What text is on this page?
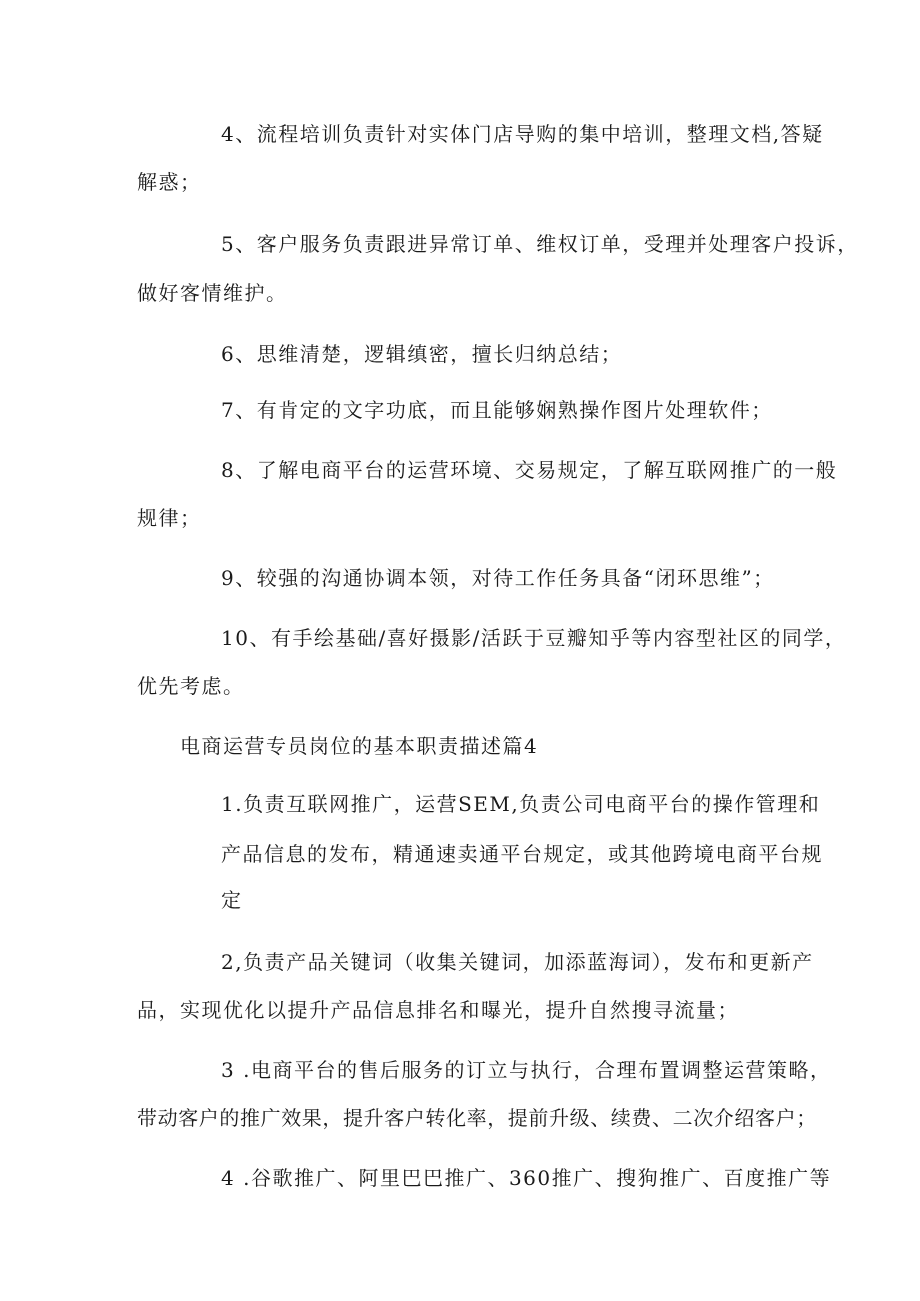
4、流程培训负责针对实体门店导购的集中培训，整理文档,答疑

解惑；

5、客户服务负责跟进异常订单、维权订单，受理并处理客户投诉，

做好客情维护。

6、思维清楚，逻辑缜密，擅长归纳总结；

7、有肯定的文字功底，而且能够娴熟操作图片处理软件；

8、了解电商平台的运营环境、交易规定，了解互联网推广的一般

规律；

9、较强的沟通协调本领，对待工作任务具备“闭环思维”；

10、有手绘基础/喜好摄影/活跃于豆瓣知乎等内容型社区的同学，

优先考虑。

电商运营专员岗位的基本职责描述篇4

1.负责互联网推广，运营SEM,负责公司电商平台的操作管理和

产品信息的发布，精通速卖通平台规定，或其他跨境电商平台规

定

2,负责产品关键词（收集关键词，加添蓝海词），发布和更新产

品，实现优化以提升产品信息排名和曝光，提升自然搜寻流量；

3 .电商平台的售后服务的订立与执行，合理布置调整运营策略，

带动客户的推广效果，提升客户转化率，提前升级、续费、二次介绍客户；

4 .谷歌推广、阿里巴巴推广、360推广、搜狗推广、百度推广等
